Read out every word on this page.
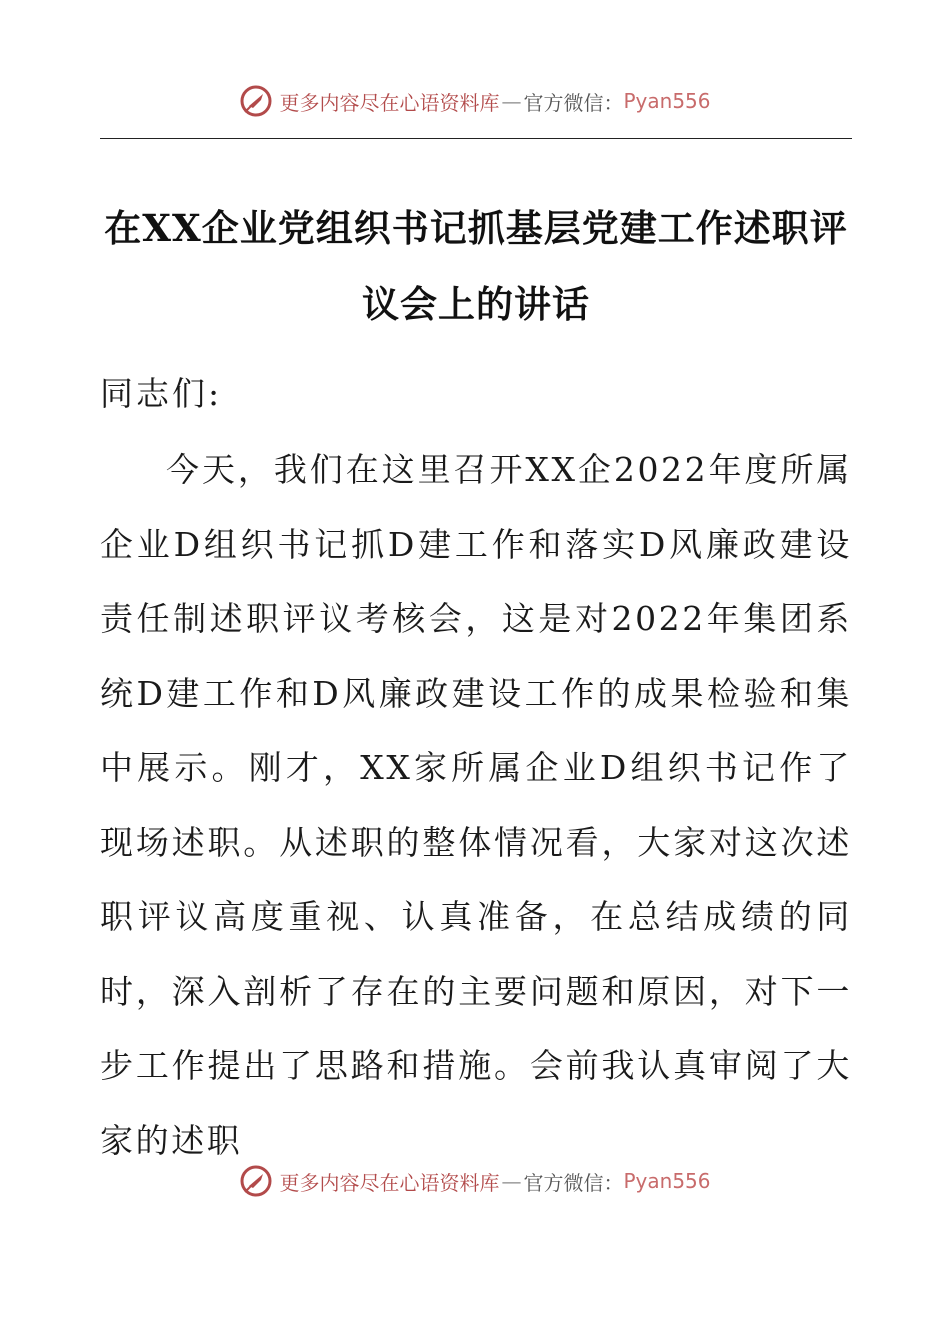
更多内容尽在心语资料库 — 官方微信： Pyan556
在XX企业党组织书记抓基层党建工作述职评议会上的讲话
同志们:
今天，我们在这里召开XX企2022年度所属企业D组织书记抓D建工作和落实D风廉政建设责任制述职评议考核会，这是对2022年集团系统D建工作和D风廉政建设工作的成果检验和集中展示。刚才，XX家所属企业D组织书记作了现场述职。从述职的整体情况看，大家对这次述职评议高度重视、认真准备，在总结成绩的同时，深入剖析了存在的主要问题和原因，对下一步工作提出了思路和措施。会前我认真审阅了大家的述职
更多内容尽在心语资料库 — 官方微信： Pyan556
